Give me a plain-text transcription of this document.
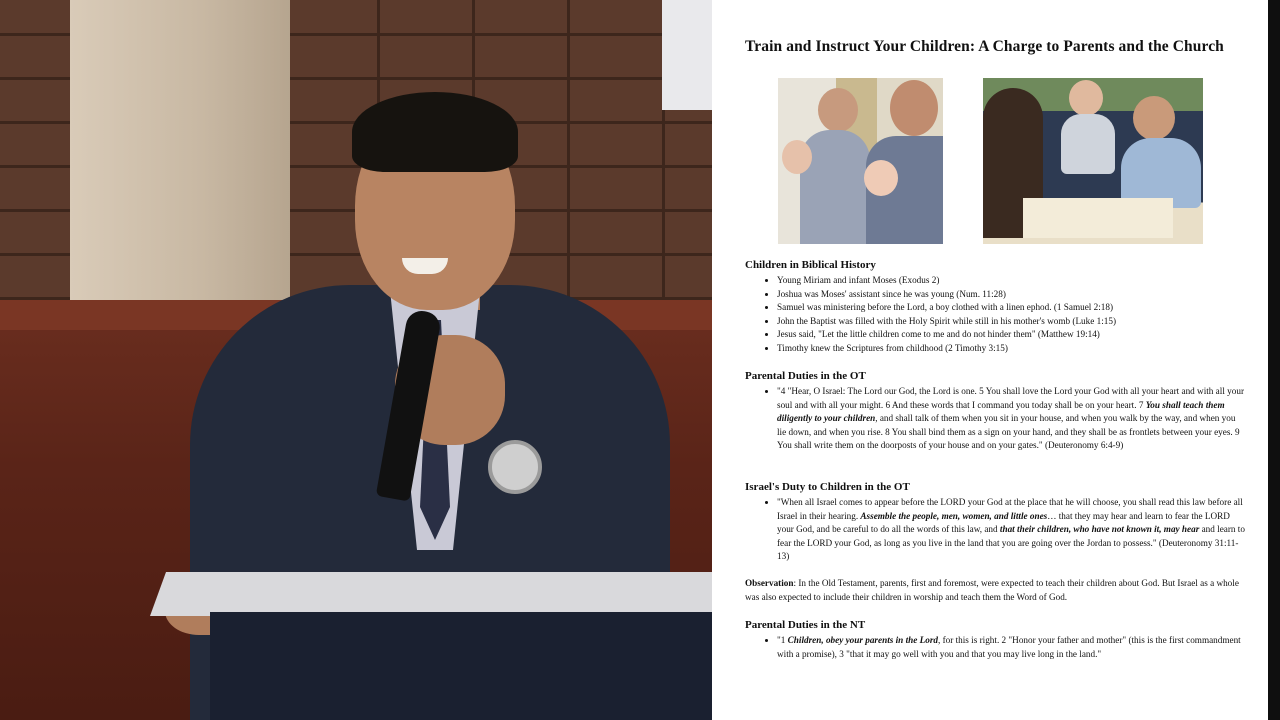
Train and Instruct Your Children: A Charge to Parents and the Church
Children in Biblical History
• Young Miriam and infant Moses (Exodus 2)
• Joshua was Moses' assistant since he was young (Num. 11:28)
• Samuel was ministering before the Lord, a boy clothed with a linen ephod. (1 Samuel 2:18)
• John the Baptist was filled with the Holy Spirit while still in his mother's womb (Luke 1:15)
• Jesus said, "Let the little children come to me and do not hinder them" (Matthew 19:14)
• Timothy knew the Scriptures from childhood (2 Timothy 3:15)
Parental Duties in the OT
• "4 "Hear, O Israel: The Lord our God, the Lord is one. 5 You shall love the Lord your God with all your heart and with all your soul and with all your might. 6 And these words that I command you today shall be on your heart. 7 You shall teach them diligently to your children, and shall talk of them when you sit in your house, and when you walk by the way, and when you lie down, and when you rise. 8 You shall bind them as a sign on your hand, and they shall be as frontlets between your eyes. 9 You shall write them on the doorposts of your house and on your gates." (Deuteronomy 6:4-9)
Israel's Duty to Children in the OT
• "When all Israel comes to appear before the LORD your God at the place that he will choose, you shall read this law before all Israel in their hearing. Assemble the people, men, women, and little ones… that they may hear and learn to fear the LORD your God, and be careful to do all the words of this law, and that their children, who have not known it, may hear and learn to fear the LORD your God, as long as you live in the land that you are going over the Jordan to possess." (Deuteronomy 31:11-13)

Observation: In the Old Testament, parents, first and foremost, were expected to teach their children about God. But Israel as a whole was also expected to include their children in worship and teach them the Word of God.

Parental Duties in the NT
• "1 Children, obey your parents in the Lord, for this is right. 2 "Honor your father and mother" (this is the first commandment with a promise), 3 "that it may go well with you and that you may live long in the land."
